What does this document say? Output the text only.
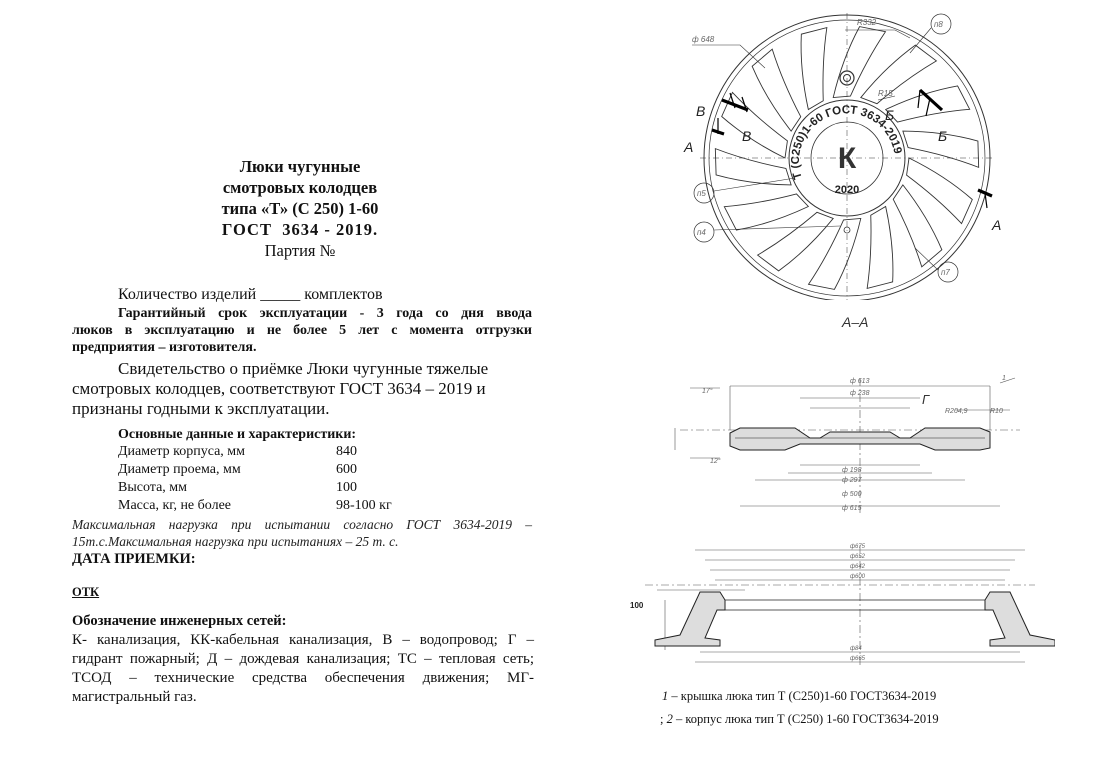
Люки чугунные
смотровых колодцев
типа «Т» (С 250) 1-60
ГОСТ  3634 - 2019.
Партия №
Количество изделий _____ комплектов
Гарантийный срок эксплуатации - 3 года со дня ввода
люков в эксплуатацию и не более 5 лет с момента отгрузки
предприятия – изготовителя.
Свидетельство о приёмке Люки чугунные тяжелые
смотровых колодцев, соответствуют ГОСТ 3634 – 2019 и
признаны годными к эксплуатации.
Основные данные и характеристики:
Диаметр корпуса, мм	840
Диаметр проема, мм	600
Высота, мм	100
Масса, кг, не более	98-100 кг
Максимальная нагрузка при испытании согласно ГОСТ 3634-2019 –
15т.с.Максимальная нагрузка при испытаниях – 25 т. с.
ДАТА ПРИЕМКИ:
ОТК
Обозначение инженерных сетей:
К- канализация, КК-кабельная канализация, В – водопровод; Г –
гидрант пожарный; Д – дождевая канализация; ТС – тепловая сеть;
ТСОД – технические средства обеспечения движения; МГ-
магистральный газ.
В
А
Б
Б
В
А
ф 648
R332
R15
п8
п5
п4
п7
Т (С250)1-60 ГОСТ 3634-2019
К
2020
А–А
ф 613
ф 238
R204,9	R10
ф 198
ф 297
ф 500
ф 615
17°
12°
1
Г
100
ф675
ф652
ф642
ф600
ф84
ф665
1 – крышка люка тип Т (С250)1-60 ГОСТ3634-2019
; 2 – корпус люка тип Т (С250) 1-60 ГОСТ3634-2019
